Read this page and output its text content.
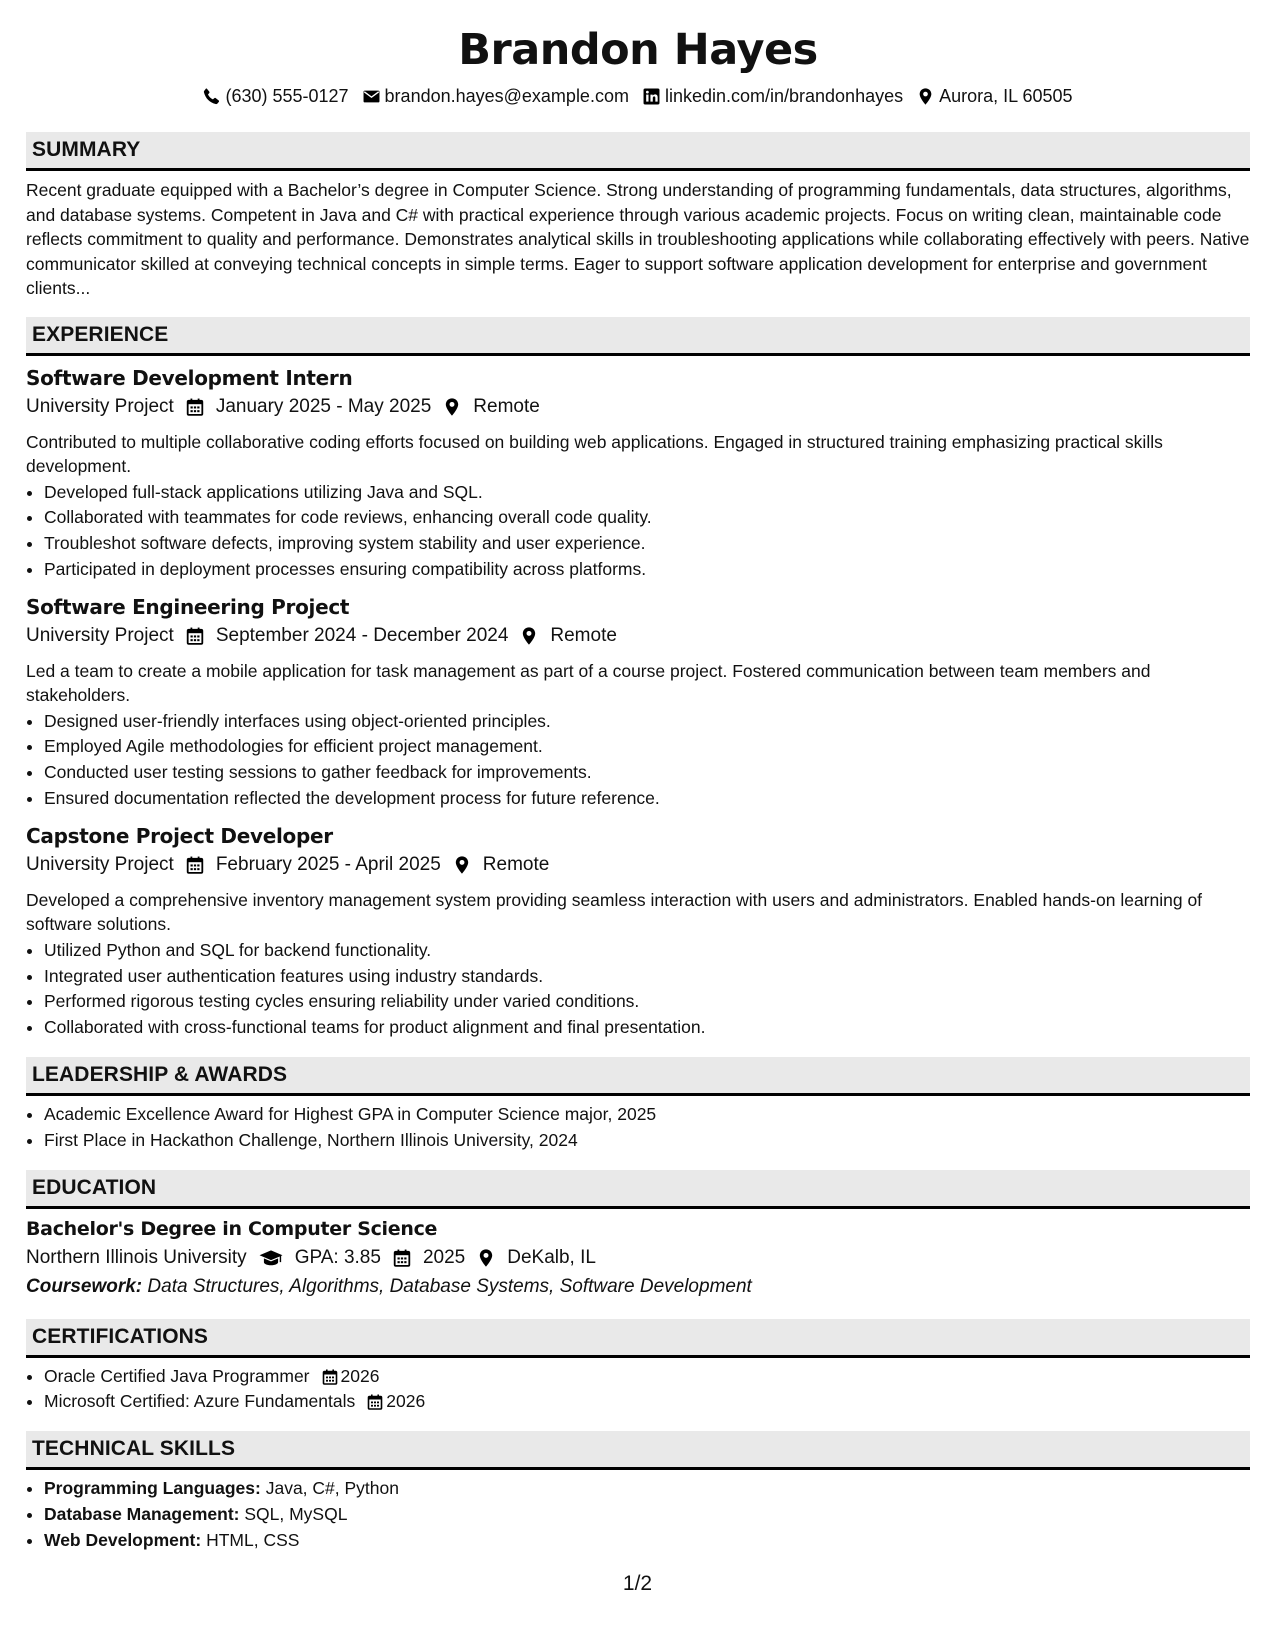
Brandon Hayes
(630) 555-0127 brandon.hayes@example.com linkedin.com/in/brandonhayes Aurora, IL 60505
SUMMARY

Recent graduate equipped with a Bachelor’s degree in Computer Science. Strong understanding of programming fundamentals, data structures, algorithms, and database systems. Competent in Java and C# with practical experience through various academic projects. Focus on writing clean, maintainable code reflects commitment to quality and performance. Demonstrates analytical skills in troubleshooting applications while collaborating effectively with peers. Native communicator skilled at conveying technical concepts in simple terms. Eager to support software application development for enterprise and government clients...

EXPERIENCE
Software Development Intern
University Project January 2025 - May 2025 Remote

Contributed to multiple collaborative coding efforts focused on building web applications. Engaged in structured training emphasizing practical skills development.

• Developed full-stack applications utilizing Java and SQL.
• Collaborated with teammates for code reviews, enhancing overall code quality.
• Troubleshot software defects, improving system stability and user experience.
• Participated in deployment processes ensuring compatibility across platforms.
Software Engineering Project
University Project September 2024 - December 2024 Remote

Led a team to create a mobile application for task management as part of a course project. Fostered communication between team members and stakeholders.

• Designed user-friendly interfaces using object-oriented principles.
• Employed Agile methodologies for efficient project management.
• Conducted user testing sessions to gather feedback for improvements.
• Ensured documentation reflected the development process for future reference.
Capstone Project Developer
University Project February 2025 - April 2025 Remote

Developed a comprehensive inventory management system providing seamless interaction with users and administrators. Enabled hands-on learning of software solutions.

• Utilized Python and SQL for backend functionality.
• Integrated user authentication features using industry standards.
• Performed rigorous testing cycles ensuring reliability under varied conditions.
• Collaborated with cross-functional teams for product alignment and final presentation.
LEADERSHIP & AWARDS
• Academic Excellence Award for Highest GPA in Computer Science major, 2025
• First Place in Hackathon Challenge, Northern Illinois University, 2024
EDUCATION
Bachelor's Degree in Computer Science
Northern Illinois University	GPA: 3.85 2025 DeKalb, IL
Coursework: Data Structures, Algorithms, Database Systems, Software Development
CERTIFICATIONS
• Oracle Certified Java Programmer 2026
• Microsoft Certified: Azure Fundamentals 2026
TECHNICAL SKILLS
• Programming Languages: Java, C#, Python
• Database Management: SQL, MySQL
• Web Development: HTML, CSS
1/2
